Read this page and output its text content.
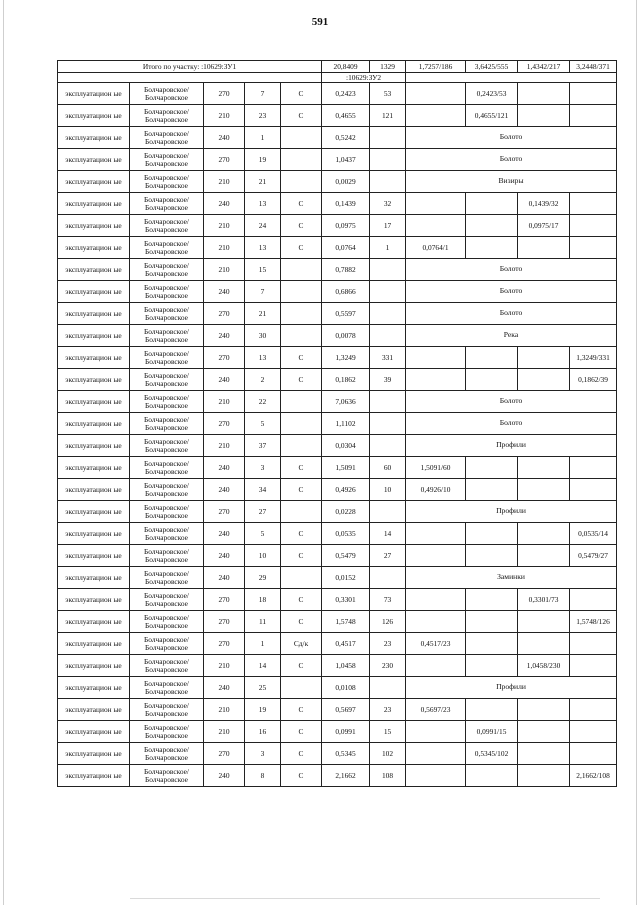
591
Итого по участку: :10629:ЗУ1					20,8409	1329	1,7257/186	3,6425/555	1,4342/217	3,2448/371
					:10629:ЗУ2					
эксплуатацион ые	Болчаровское/ Болчаровское	270	7	С	0,2423	53		0,2423/53		
эксплуатацион ые	Болчаровское/ Болчаровское	210	23	С	0,4655	121		0,4655/121		
эксплуатацион ые	Болчаровское/ Болчаровское	240	1		0,5242		Болото			
эксплуатацион ые	Болчаровское/ Болчаровское	270	19		1,0437		Болото			
эксплуатацион ые	Болчаровское/ Болчаровское	210	21		0,0029		Визиры			
эксплуатацион ые	Болчаровское/ Болчаровское	240	13	С	0,1439	32			0,1439/32	
эксплуатацион ые	Болчаровское/ Болчаровское	210	24	С	0,0975	17			0,0975/17	
эксплуатацион ые	Болчаровское/ Болчаровское	210	13	С	0,0764	1	0,0764/1			
эксплуатацион ые	Болчаровское/ Болчаровское	210	15		0,7882		Болото			
эксплуатацион ые	Болчаровское/ Болчаровское	240	7		0,6866		Болото			
эксплуатацион ые	Болчаровское/ Болчаровское	270	21		0,5597		Болото			
эксплуатацион ые	Болчаровское/ Болчаровское	240	30		0,0078		Река			
эксплуатацион ые	Болчаровское/ Болчаровское	270	13	С	1,3249	331				1,3249/331
эксплуатацион ые	Болчаровское/ Болчаровское	240	2	С	0,1862	39				0,1862/39
эксплуатацион ые	Болчаровское/ Болчаровское	210	22		7,0636		Болото			
эксплуатацион ые	Болчаровское/ Болчаровское	270	5		1,1102		Болото			
эксплуатацион ые	Болчаровское/ Болчаровское	210	37		0,0304		Профили			
эксплуатацион ые	Болчаровское/ Болчаровское	240	3	С	1,5091	60	1,5091/60			
эксплуатацион ые	Болчаровское/ Болчаровское	240	34	С	0,4926	10	0,4926/10			
эксплуатацион ые	Болчаровское/ Болчаровское	270	27		0,0228		Профили			
эксплуатацион ые	Болчаровское/ Болчаровское	240	5	С	0,0535	14				0,0535/14
эксплуатацион ые	Болчаровское/ Болчаровское	240	10	С	0,5479	27				0,5479/27
эксплуатацион ые	Болчаровское/ Болчаровское	240	29		0,0152		Заминки			
эксплуатацион ые	Болчаровское/ Болчаровское	270	18	С	0,3301	73			0,3301/73	
эксплуатацион ые	Болчаровское/ Болчаровское	270	11	С	1,5748	126				1,5748/126
эксплуатацион ые	Болчаровское/ Болчаровское	270	1	Сд/к	0,4517	23	0,4517/23			
эксплуатацион ые	Болчаровское/ Болчаровское	210	14	С	1,0458	230			1,0458/230	
эксплуатацион ые	Болчаровское/ Болчаровское	240	25		0,0108		Профили			
эксплуатацион ые	Болчаровское/ Болчаровское	210	19	С	0,5697	23	0,5697/23			
эксплуатацион ые	Болчаровское/ Болчаровское	210	16	С	0,0991	15		0,0991/15		
эксплуатацион ые	Болчаровское/ Болчаровское	270	3	С	0,5345	102		0,5345/102		
эксплуатацион ые	Болчаровское/ Болчаровское	240	8	С	2,1662	108				2,1662/108
